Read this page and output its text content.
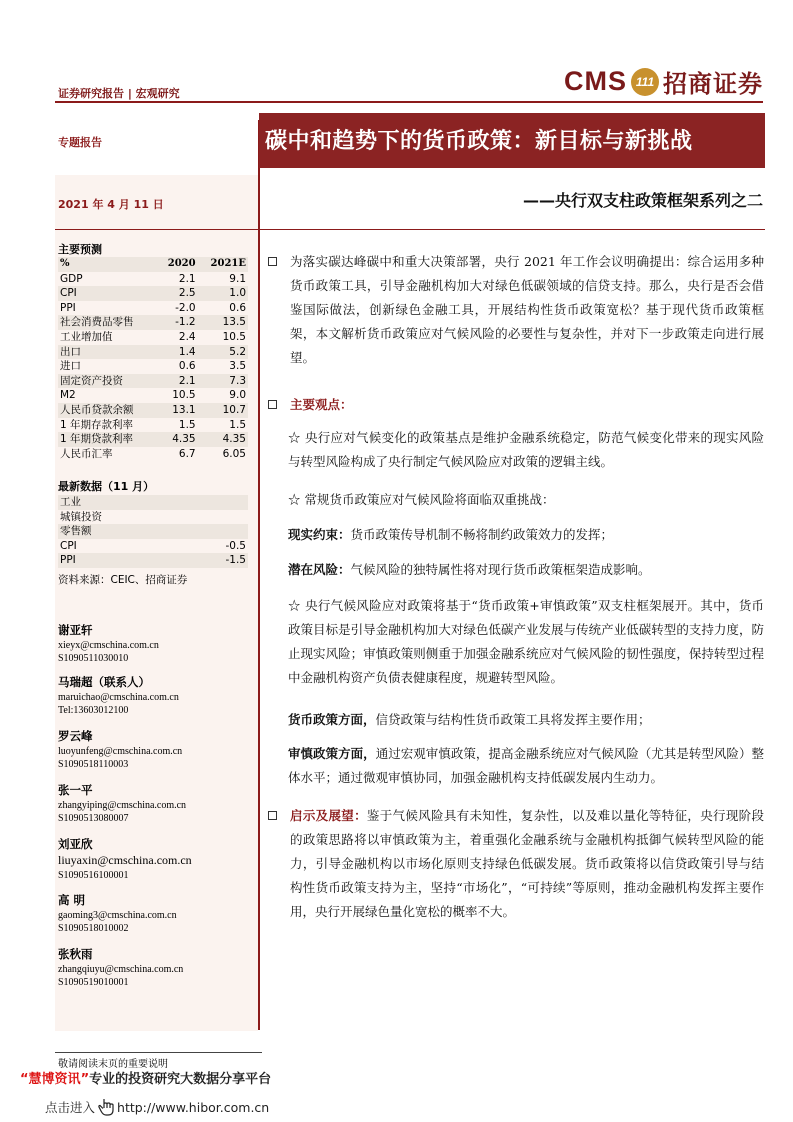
证券研究报告 | 宏观研究	CMS 111 招商证券
专题报告
2021 年 4 月 11 日
碳中和趋势下的货币政策：新目标与新挑战
——央行双支柱政策框架系列之二
主要预测
%	2020	2021E
GDP	2.1	9.1
CPI	2.5	1.0
PPI	-2.0	0.6
社会消费品零售	-1.2	13.5
工业增加值	2.4	10.5
出口	1.4	5.2
进口	0.6	3.5
固定资产投资	2.1	7.3
M2	10.5	9.0
人民币贷款余额	13.1	10.7
1 年期存款利率	1.5	1.5
1 年期贷款利率	4.35	4.35
人民币汇率	6.7	6.05
最新数据（11 月）
工业	
城镇投资	
零售额	
CPI	-0.5
PPI	-1.5
资料来源：CEIC、招商证券
谢亚轩
xieyx@cmschina.com.cn
S1090511030010
马瑞超（联系人）
maruichao@cmschina.com.cn
Tel:13603012100
罗云峰
luoyunfeng@cmschina.com.cn
S1090518110003
张一平
zhangyiping@cmschina.com.cn
S1090513080007
刘亚欣
liuyaxin@cmschina.com.cn
S1090516100001
高 明
gaoming3@cmschina.com.cn
S1090518010002
张秋雨
zhangqiuyu@cmschina.com.cn
S1090519010001
为落实碳达峰碳中和重大决策部署，央行 2021 年工作会议明确提出：综合运用多种货币政策工具，引导金融机构加大对绿色低碳领域的信贷支持。那么，央行是否会借鉴国际做法，创新绿色金融工具，开展结构性货币政策宽松？基于现代货币政策框架，本文解析货币政策应对气候风险的必要性与复杂性，并对下一步政策走向进行展望。
主要观点：
☆ 央行应对气候变化的政策基点是维护金融系统稳定，防范气候变化带来的现实风险与转型风险构成了央行制定气候风险应对政策的逻辑主线。
☆ 常规货币政策应对气候风险将面临双重挑战：
现实约束：货币政策传导机制不畅将制约政策效力的发挥；
潜在风险：气候风险的独特属性将对现行货币政策框架造成影响。
☆ 央行气候风险应对政策将基于“货币政策+审慎政策”双支柱框架展开。其中，货币政策目标是引导金融机构加大对绿色低碳产业发展与传统产业低碳转型的支持力度，防止现实风险；审慎政策则侧重于加强金融系统应对气候风险的韧性强度，保持转型过程中金融机构资产负债表健康程度，规避转型风险。
货币政策方面，信贷政策与结构性货币政策工具将发挥主要作用；
审慎政策方面，通过宏观审慎政策，提高金融系统应对气候风险（尤其是转型风险）整体水平；通过微观审慎协同，加强金融机构支持低碳发展内生动力。
启示及展望：鉴于气候风险具有未知性，复杂性，以及难以量化等特征，央行现阶段的政策思路将以审慎政策为主，着重强化金融系统与金融机构抵御气候转型风险的能力，引导金融机构以市场化原则支持绿色低碳发展。货币政策将以信贷政策引导与结构性货币政策支持为主，坚持“市场化”，“可持续”等原则，推动金融机构发挥主要作用，央行开展绿色量化宽松的概率不大。
敬请阅读末页的重要说明
“慧博资讯”专业的投资研究大数据分享平台
点击进入 http://www.hibor.com.cn
